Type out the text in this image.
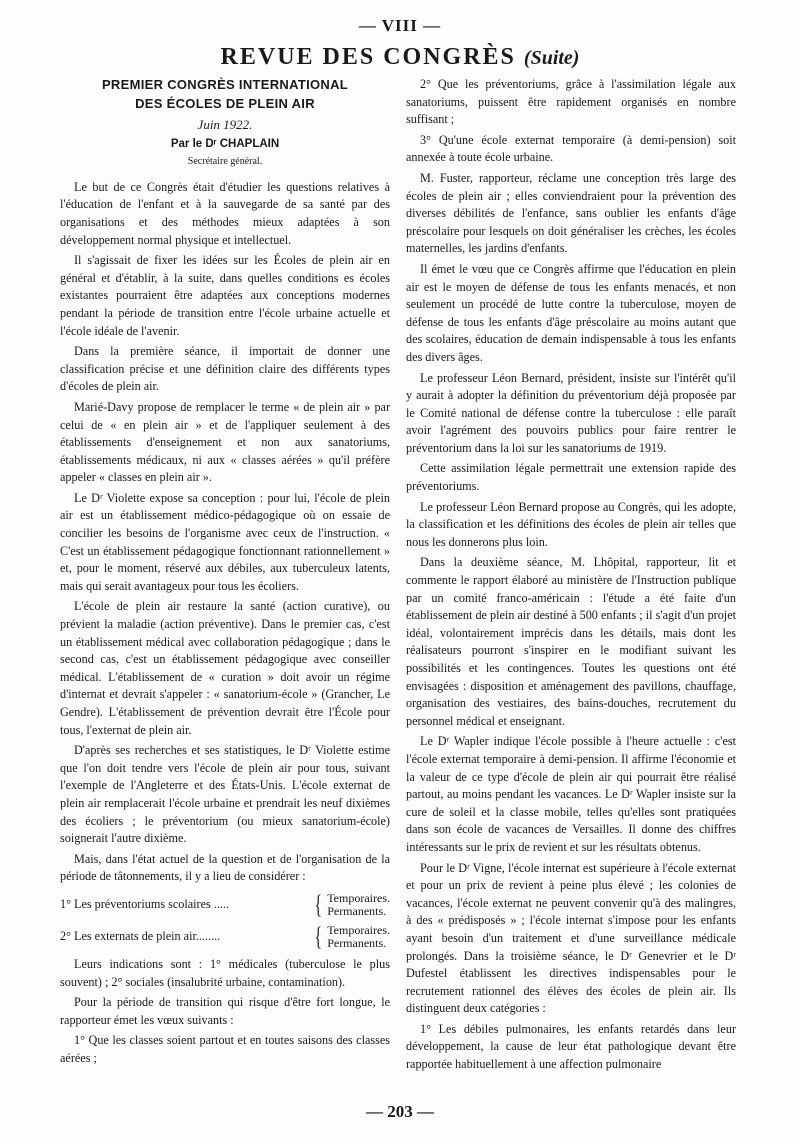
— VIII —
REVUE DES CONGRÈS (Suite)
PREMIER CONGRÈS INTERNATIONAL
DES ÉCOLES DE PLEIN AIR
Juin 1922.
Par le Dʳ CHAPLAIN
Secrétaire général.

Le but de ce Congrès était d'étudier les questions relatives à l'éducation de l'enfant et à la sauvegarde de sa santé par des organisations et des méthodes mieux adaptées à son développement normal physique et intellectuel.

Il s'agissait de fixer les idées sur les Écoles de plein air en général et d'établir, à la suite, dans quelles conditions es écoles existantes pourraient être adaptées aux conceptions modernes pendant la période de transition entre l'école urbaine actuelle et l'école idéale de l'avenir.

Dans la première séance, il importait de donner une classification précise et une définition claire des différents types d'écoles de plein air.

Marié-Davy propose de remplacer le terme « de plein air » par celui de « en plein air » et de l'appliquer seulement à des établissements d'enseignement et non aux sanatoriums, établissements médicaux, ni aux « classes aérées » qu'il préfère appeler « classes en plein air ».

Le Dʳ Violette expose sa conception : pour lui, l'école de plein air est un établissement médico-pédagogique où on essaie de concilier les besoins de l'organisme avec ceux de l'instruction. « C'est un établissement pédagogique fonctionnant rationnellement » et, pour le moment, réservé aux débiles, aux tuberculeux latents, mais qui serait avantageux pour tous les écoliers.

L'école de plein air restaure la santé (action curative), ou prévient la maladie (action préventive). Dans le premier cas, c'est un établissement médical avec collaboration pédagogique ; dans le second cas, c'est un établissement pédagogique avec conseiller médical. L'établissement de « curation » doit avoir un régime d'internat et devrait s'appeler : « sanatorium-école » (Grancher, Le Gendre). L'établissement de prévention devrait être l'École pour tous, l'externat de plein air.

D'après ses recherches et ses statistiques, le Dʳ Violette estime que l'on doit tendre vers l'école de plein air pour tous, suivant l'exemple de l'Angleterre et des États-Unis. L'école externat de plein air remplacerait l'école urbaine et prendrait les neuf dixièmes des écoliers ; le préventorium (ou mieux sanatorium-école) soignerait l'autre dixième.

Mais, dans l'état actuel de la question et de l'organisation de la période de tâtonnements, il y a lieu de considérer :

1° Les préventoriums scolaires .....	{ Temporaires.
Permanents.
2° Les externats de plein air........	{ Temporaires.
Permanents.

Leurs indications sont : 1° médicales (tuberculose le plus souvent) ; 2° sociales (insalubrité urbaine, contamination).

Pour la période de transition qui risque d'être fort longue, le rapporteur émet les vœux suivants :

1° Que les classes soient partout et en toutes saisons des classes aérées ;

2° Que les préventoriums, grâce à l'assimilation légale aux sanatoriums, puissent être rapidement organisés en nombre suffisant ;

3° Qu'une école externat temporaire (à demi-pension) soit annexée à toute école urbaine.

M. Fuster, rapporteur, réclame une conception très large des écoles de plein air ; elles conviendraient pour la prévention des diverses débilités de l'enfance, sans oublier les enfants d'âge préscolaire pour lesquels on doit généraliser les crèches, les écoles maternelles, les jardins d'enfants.

Il émet le vœu que ce Congrès affirme que l'éducation en plein air est le moyen de défense de tous les enfants menacés, et non seulement un procédé de lutte contre la tuberculose, moyen de défense de tous les enfants d'âge préscolaire au moins autant que des scolaires, éducation de demain indispensable à tous les enfants des divers âges.

Le professeur Léon Bernard, président, insiste sur l'intérêt qu'il y aurait à adopter la définition du préventorium déjà proposée par le Comité national de défense contre la tuberculose : elle paraît avoir l'agrément des pouvoirs publics pour faire rentrer le préventorium dans la loi sur les sanatoriums de 1919.

Cette assimilation légale permettrait une extension rapide des préventoriums.

Le professeur Léon Bernard propose au Congrès, qui les adopte, la classification et les définitions des écoles de plein air telles que nous les donnerons plus loin.

Dans la deuxième séance, M. Lhôpital, rapporteur, lit et commente le rapport élaboré au ministère de l'Instruction publique par un comité franco-américain : l'étude a été faite d'un établissement de plein air destiné à 500 enfants ; il s'agit d'un projet idéal, volontairement imprécis dans les détails, mais dont les réalisateurs pourront s'inspirer en le modifiant suivant les possibilités et les contingences. Toutes les questions ont été envisagées : disposition et aménagement des pavillons, chauffage, organisation des vestiaires, des bains-douches, recrutement du personnel médical et enseignant.

Le Dʳ Wapler indique l'école possible à l'heure actuelle : c'est l'école externat temporaire à demi-pension. Il affirme l'économie et la valeur de ce type d'école de plein air qui pourrait être réalisé partout, au moins pendant les vacances. Le Dʳ Wapler insiste sur la cure de soleil et la classe mobile, telles qu'elles sont pratiquées dans son école de vacances de Versailles. Il donne des chiffres intéressants sur le prix de revient et sur les résultats obtenus.

Pour le Dʳ Vigne, l'école internat est supérieure à l'école externat et pour un prix de revient à peine plus élevé ; les colonies de vacances, l'école externat ne peuvent convenir qu'à des malingres, à des « prédisposés » ; l'école internat s'impose pour les enfants ayant besoin d'un traitement et d'une surveillance médicale prolongés. Dans la troisième séance, le Dʳ Genevrier et le Dʳ Dufestel établissent les directives indispensables pour le recrutement rationnel des élèves des écoles de plein air. Ils distinguent deux catégories :

1° Les débiles pulmonaires, les enfants retardés dans leur développement, la cause de leur état pathologique devant être rapportée habituellement à une affection pulmonaire

— 203 —
